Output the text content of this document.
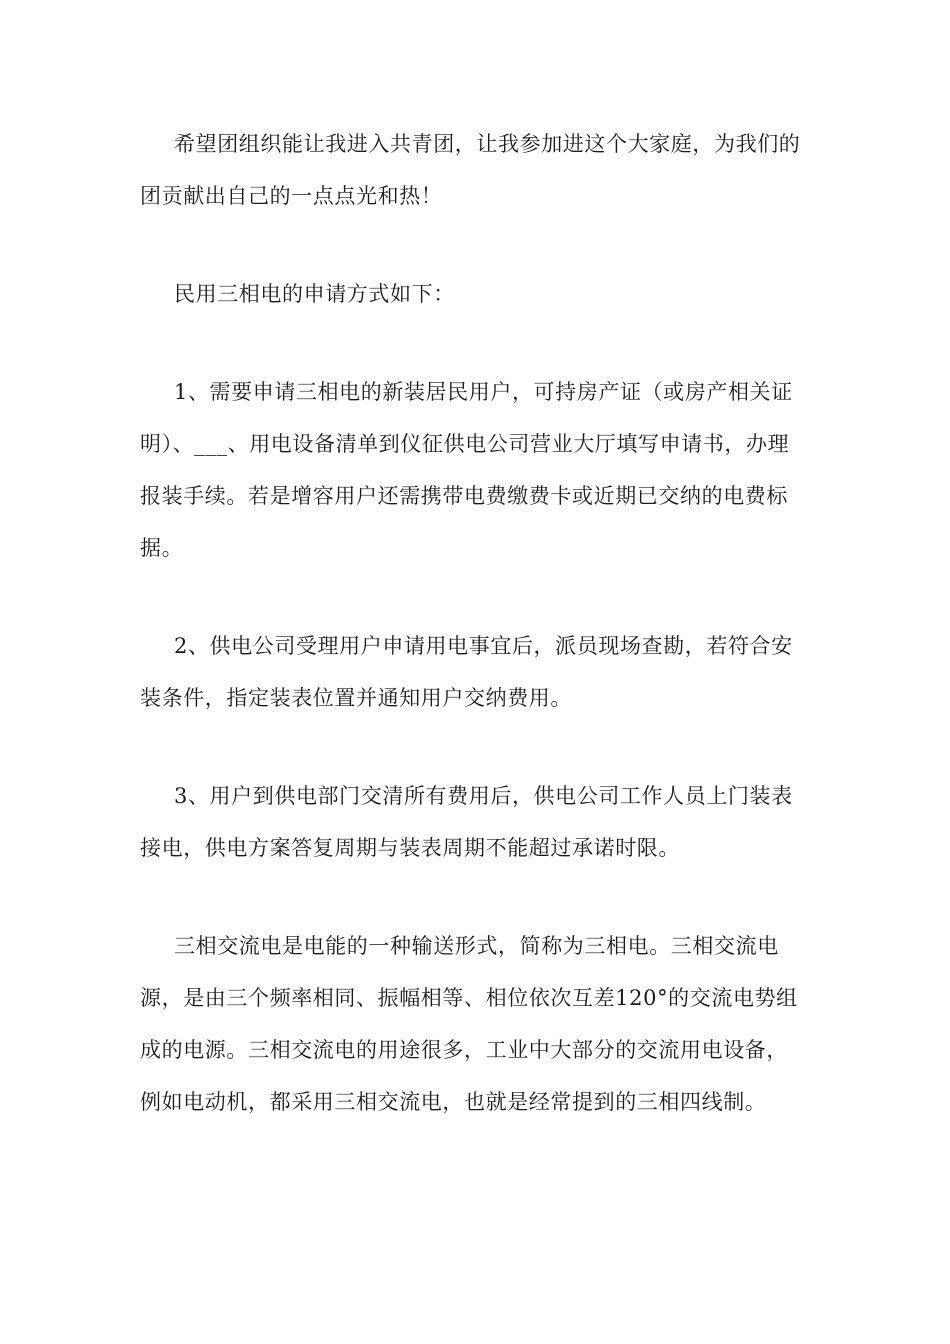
希望团组织能让我进入共青团，让我参加进这个大家庭，为我们的团贡献出自己的一点点光和热！

民用三相电的申请方式如下：

1、需要申请三相电的新装居民用户，可持房产证（或房产相关证明）、___、用电设备清单到仪征供电公司营业大厅填写申请书，办理报装手续。若是增容用户还需携带电费缴费卡或近期已交纳的电费标据。

2、供电公司受理用户申请用电事宜后，派员现场查勘，若符合安装条件，指定装表位置并通知用户交纳费用。

3、用户到供电部门交清所有费用后，供电公司工作人员上门装表接电，供电方案答复周期与装表周期不能超过承诺时限。

三相交流电是电能的一种输送形式，简称为三相电。三相交流电源，是由三个频率相同、振幅相等、相位依次互差120°的交流电势组成的电源。三相交流电的用途很多，工业中大部分的交流用电设备，例如电动机，都采用三相交流电，也就是经常提到的三相四线制。
